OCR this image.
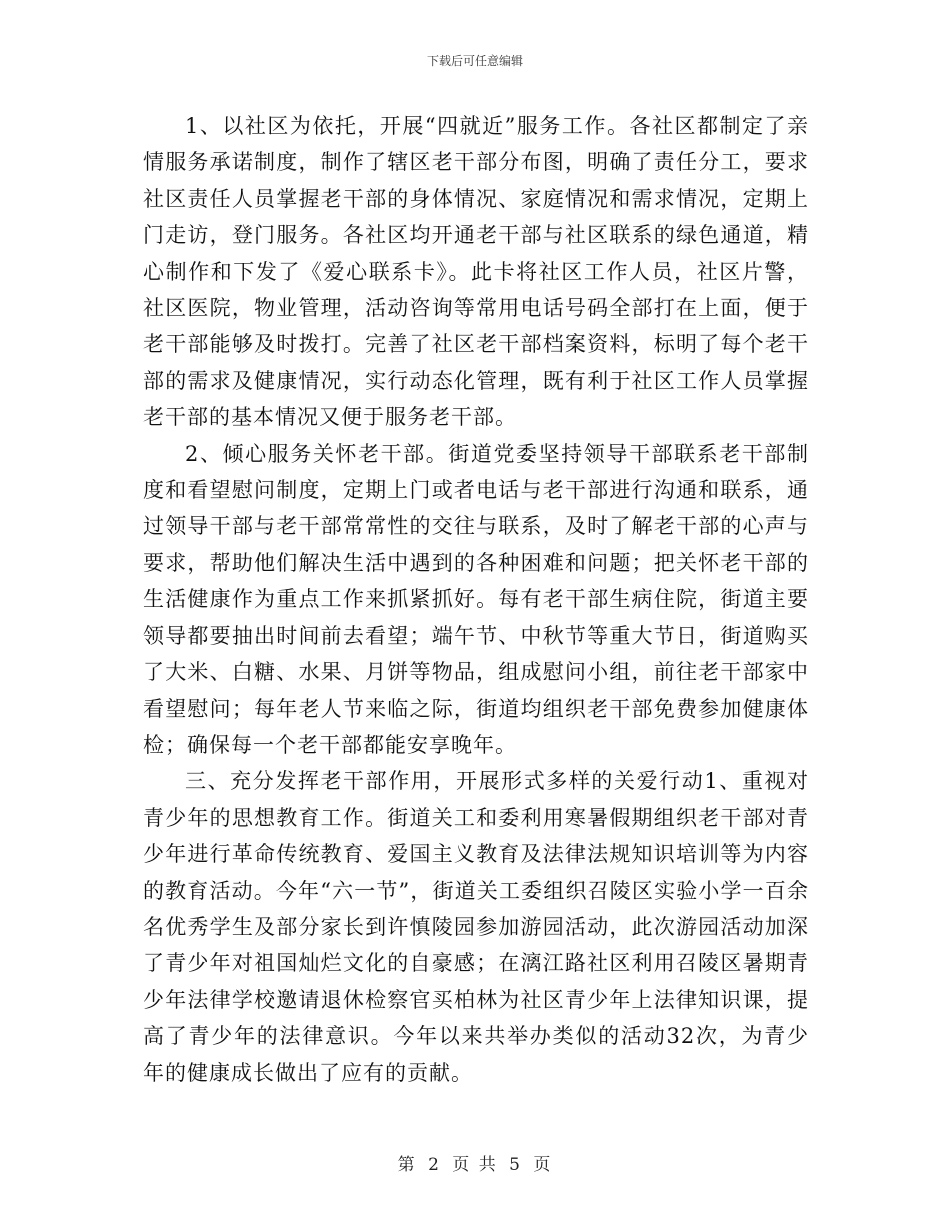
下载后可任意编辑

1、以社区为依托，开展“四就近”服务工作。各社区都制定了亲情服务承诺制度，制作了辖区老干部分布图，明确了责任分工，要求社区责任人员掌握老干部的身体情况、家庭情况和需求情况，定期上门走访，登门服务。各社区均开通老干部与社区联系的绿色通道，精心制作和下发了《爱心联系卡》。此卡将社区工作人员，社区片警，社区医院，物业管理，活动咨询等常用电话号码全部打在上面，便于老干部能够及时拨打。完善了社区老干部档案资料，标明了每个老干部的需求及健康情况，实行动态化管理，既有利于社区工作人员掌握老干部的基本情况又便于服务老干部。

2、倾心服务关怀老干部。街道党委坚持领导干部联系老干部制度和看望慰问制度，定期上门或者电话与老干部进行沟通和联系，通过领导干部与老干部常常性的交往与联系，及时了解老干部的心声与要求，帮助他们解决生活中遇到的各种困难和问题；把关怀老干部的生活健康作为重点工作来抓紧抓好。每有老干部生病住院，街道主要领导都要抽出时间前去看望；端午节、中秋节等重大节日，街道购买了大米、白糖、水果、月饼等物品，组成慰问小组，前往老干部家中看望慰问；每年老人节来临之际，街道均组织老干部免费参加健康体检；确保每一个老干部都能安享晚年。

三、充分发挥老干部作用，开展形式多样的关爱行动1、重视对青少年的思想教育工作。街道关工和委利用寒暑假期组织老干部对青少年进行革命传统教育、爱国主义教育及法律法规知识培训等为内容的教育活动。今年“六一节”，街道关工委组织召陵区实验小学一百余名优秀学生及部分家长到许慎陵园参加游园活动，此次游园活动加深了青少年对祖国灿烂文化的自豪感；在漓江路社区利用召陵区暑期青少年法律学校邀请退休检察官买柏林为社区青少年上法律知识课，提高了青少年的法律意识。今年以来共举办类似的活动32次，为青少年的健康成长做出了应有的贡献。

第 2 页 共 5 页
